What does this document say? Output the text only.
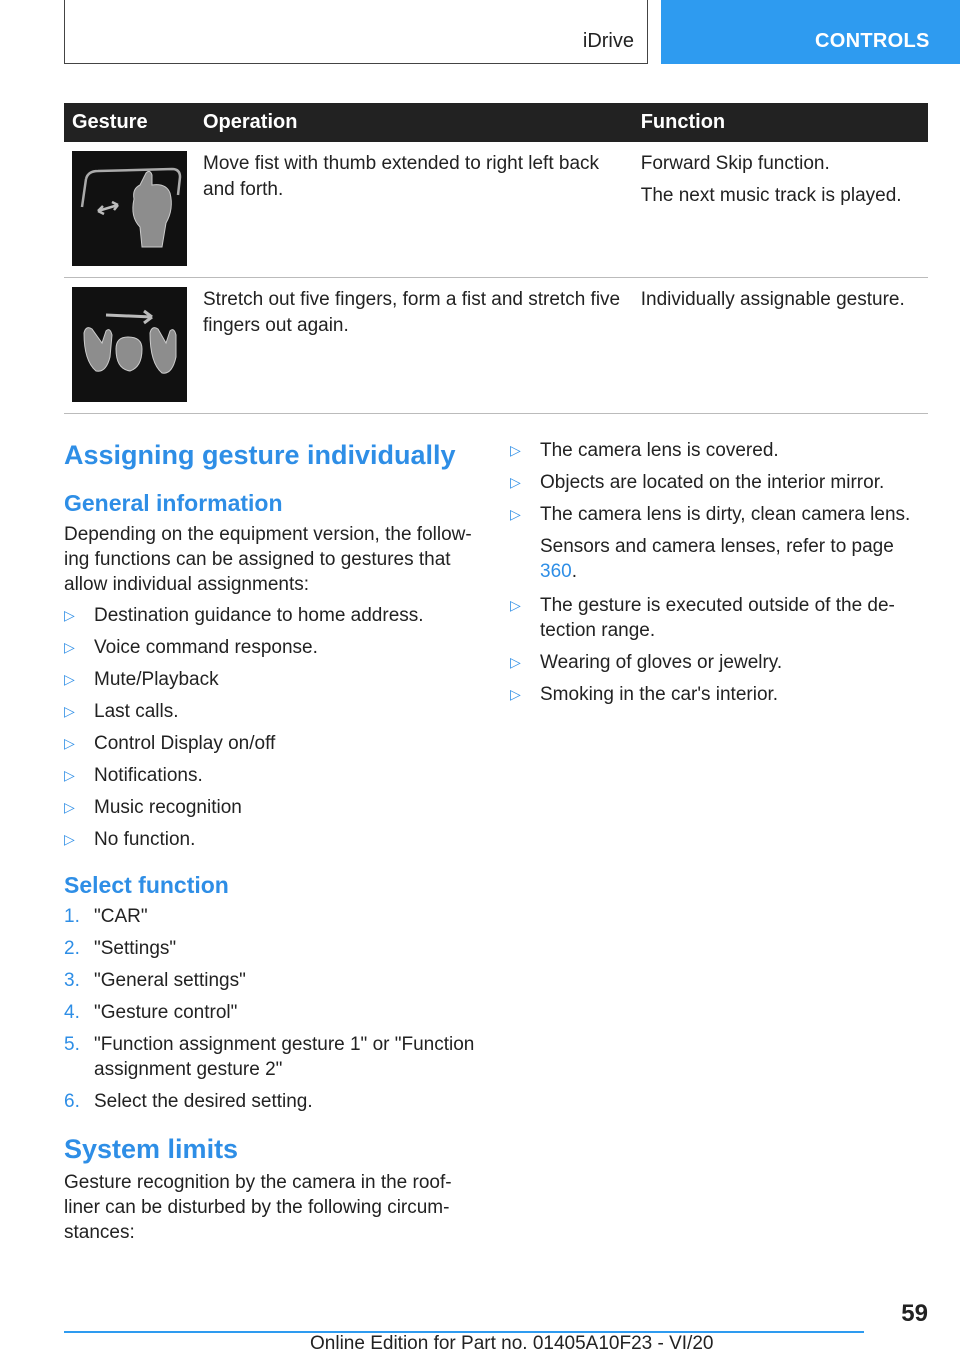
iDrive	CONTROLS
Gesture	Operation	Function

	Move fist with thumb extended to right left back and forth.	Forward Skip function.

The next music track is played.

	Stretch out five fingers, form a fist and stretch five fingers out again.	Individually assignable gesture.

Assigning gesture individually
General information

Depending on the equipment version, the follow‐ing functions can be assigned to gestures that allow individual assignments:

▷ Destination guidance to home address.
▷ Voice command response.
▷ Mute/Playback
▷ Last calls.
▷ Control Display on/off
▷ Notifications.
▷ Music recognition
▷ No function.
Select function
1. "CAR"
2. "Settings"
3. "General settings"
4. "Gesture control"
5. "Function assignment gesture 1" or "Function assignment gesture 2"
6. Select the desired setting.
System limits

Gesture recognition by the camera in the roof‐liner can be disturbed by the following circum‐stances:

▷ The camera lens is covered.
▷ Objects are located on the interior mirror.
▷ The camera lens is dirty, clean camera lens.
Sensors and camera lenses, refer to page 360.
▷ The gesture is executed outside of the de‐tection range.
▷ Wearing of gloves or jewelry.
▷ Smoking in the car's interior.
59
Online Edition for Part no. 01405A10F23 - VI/20
